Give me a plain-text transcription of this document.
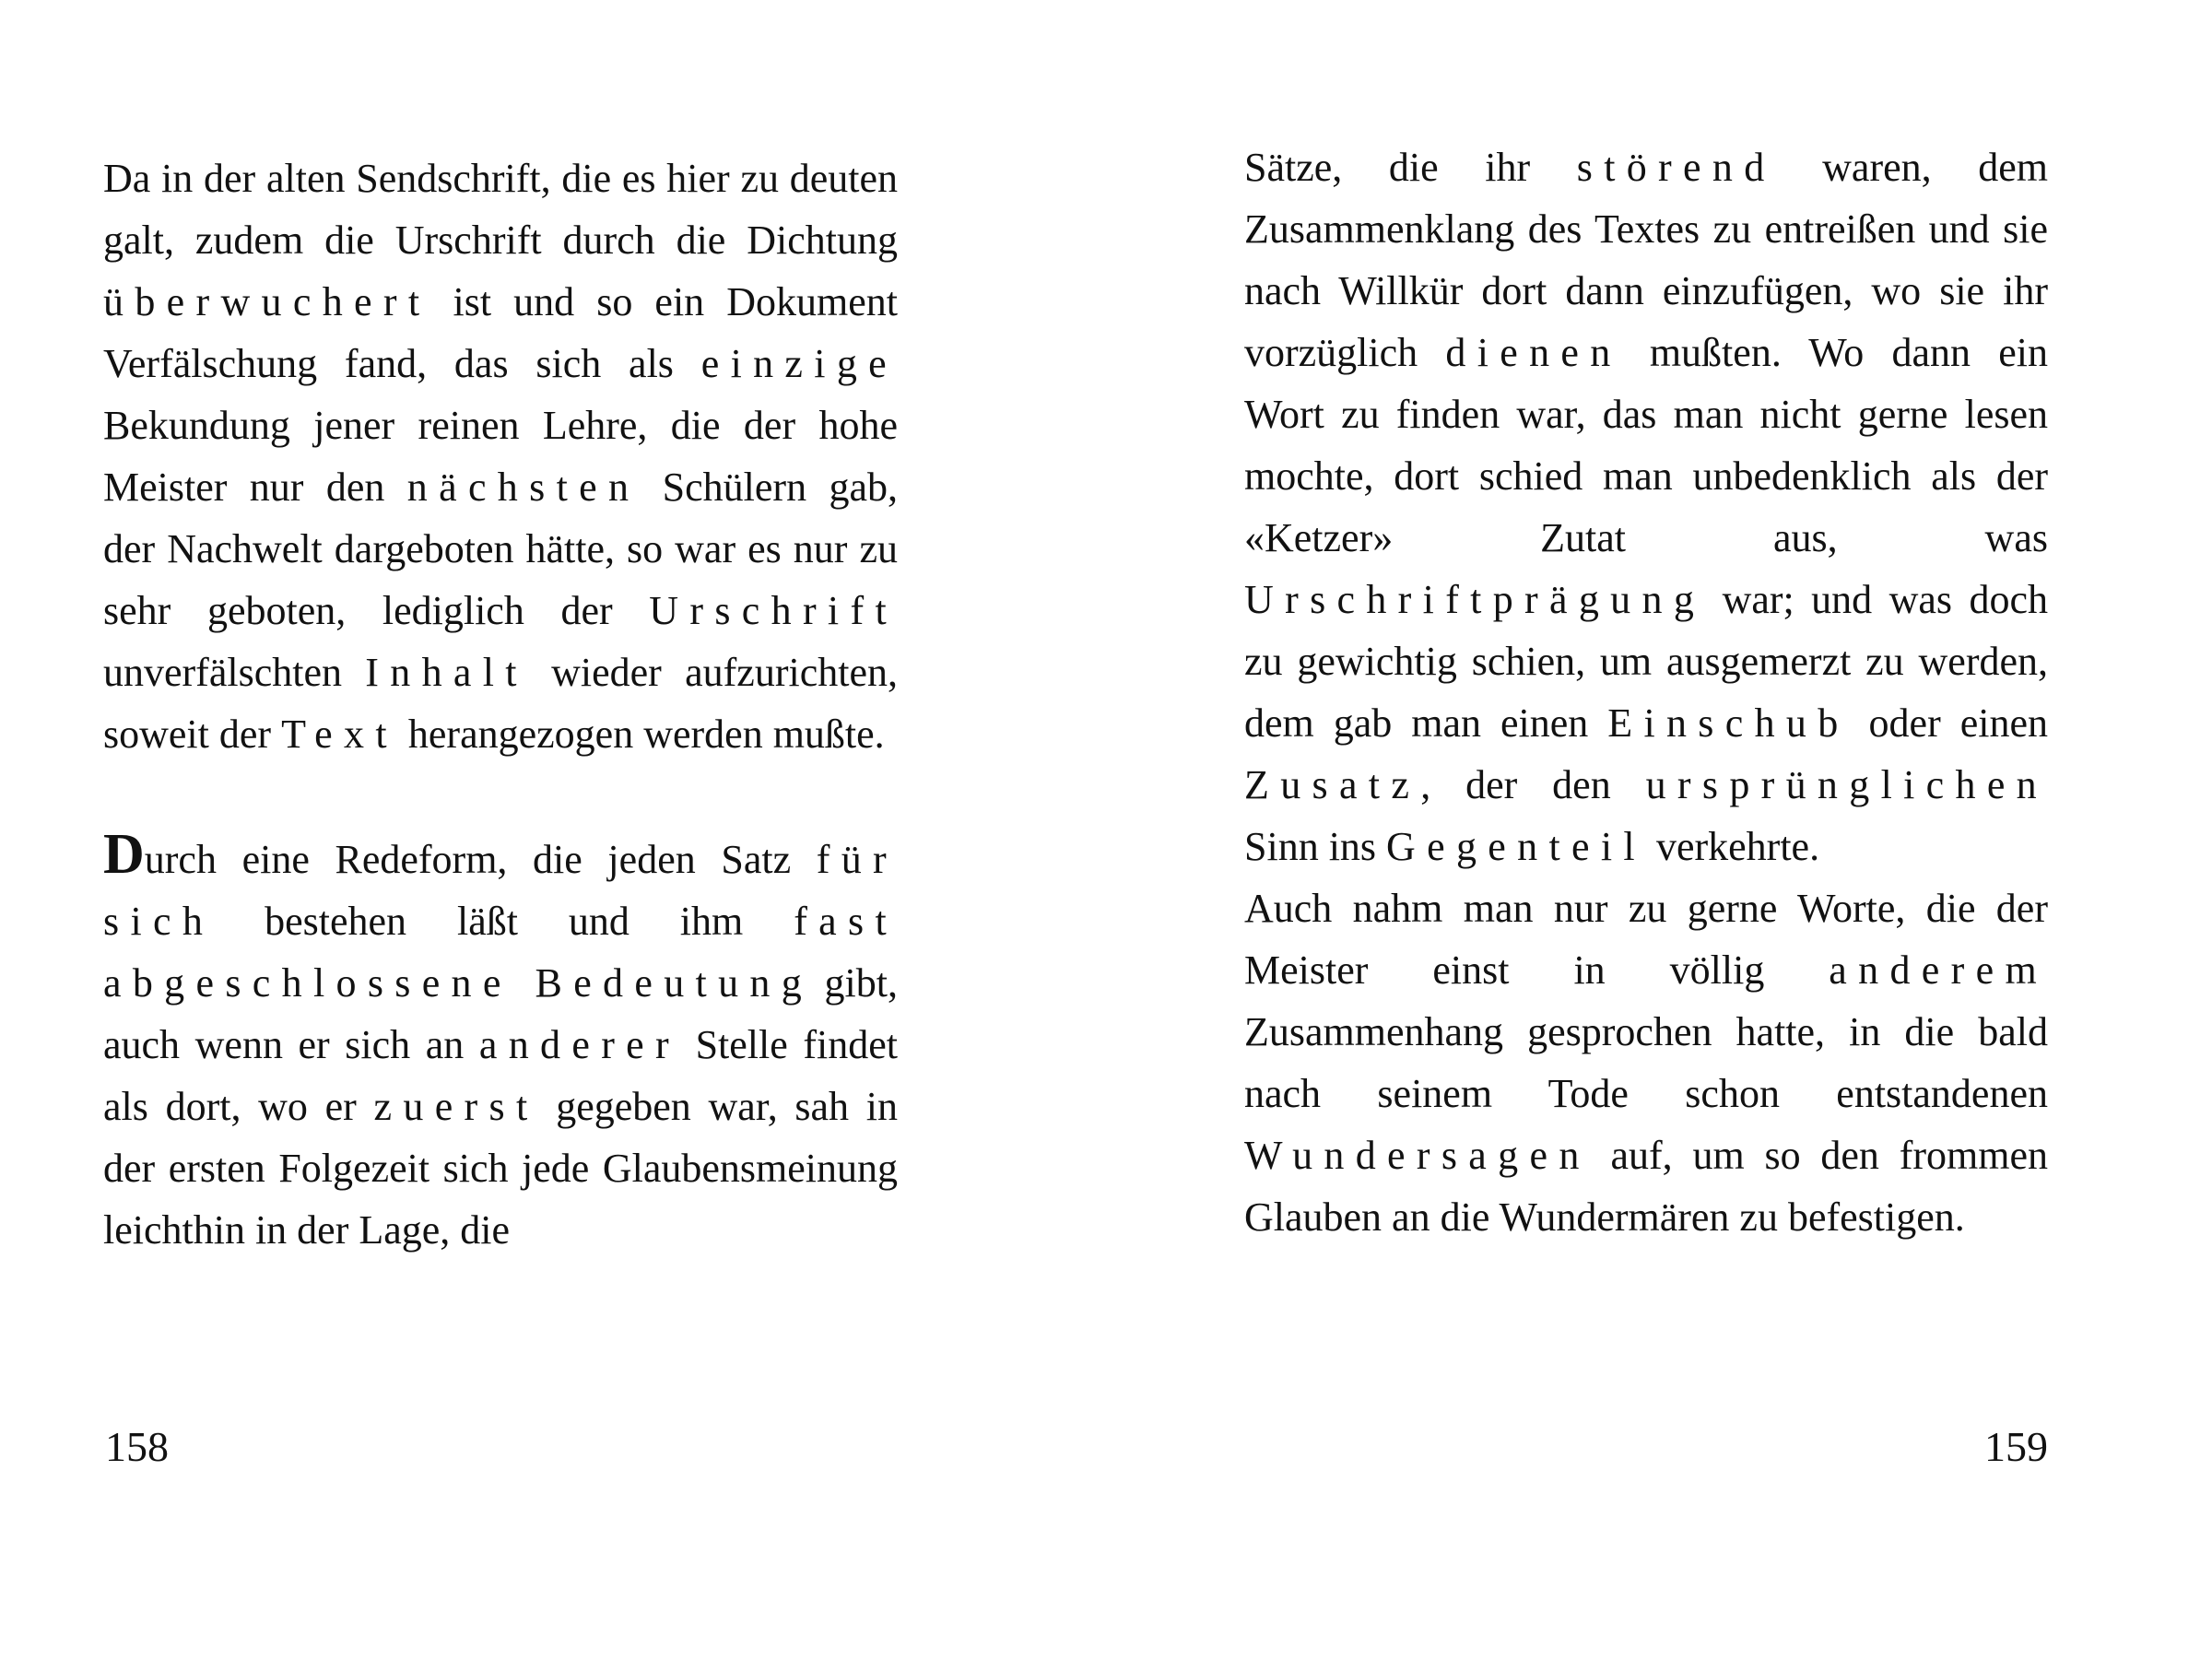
Da in der alten Sendschrift, die es hier zu deuten galt, zudem die Urschrift durch die Dichtung überwuchert ist und so ein Dokument Verfälschung fand, das sich als einzige Bekundung jener reinen Lehre, die der hohe Meister nur den nächsten Schülern gab, der Nachwelt dargeboten hätte, so war es nur zu sehr geboten, lediglich der Urschrift unverfälschten Inhalt wieder aufzurichten, soweit der Text herangezogen werden mußte.

Durch eine Redeform, die jeden Satz für sich bestehen läßt und ihm fast abgeschlossene Bedeutung gibt, auch wenn er sich an anderer Stelle findet als dort, wo er zuerst gegeben war, sah in der ersten Folgezeit sich jede Glaubensmeinung leichthin in der Lage, die

158

Sätze, die ihr störend waren, dem Zusammenklang des Textes zu entreißen und sie nach Willkür dort dann einzufügen, wo sie ihr vorzüglich dienen mußten. Wo dann ein Wort zu finden war, das man nicht gerne lesen mochte, dort schied man unbedenklich als der «Ketzer» Zutat aus, was Urschriftprägung war; und was doch zu gewichtig schien, um ausgemerzt zu werden, dem gab man einen Einschub oder einen Zusatz, der den ursprünglichen Sinn ins Gegenteil verkehrte.

Auch nahm man nur zu gerne Worte, die der Meister einst in völlig anderem Zusammenhang gesprochen hatte, in die bald nach seinem Tode schon entstandenen Wundersagen auf, um so den frommen Glauben an die Wundermären zu befestigen.

159
